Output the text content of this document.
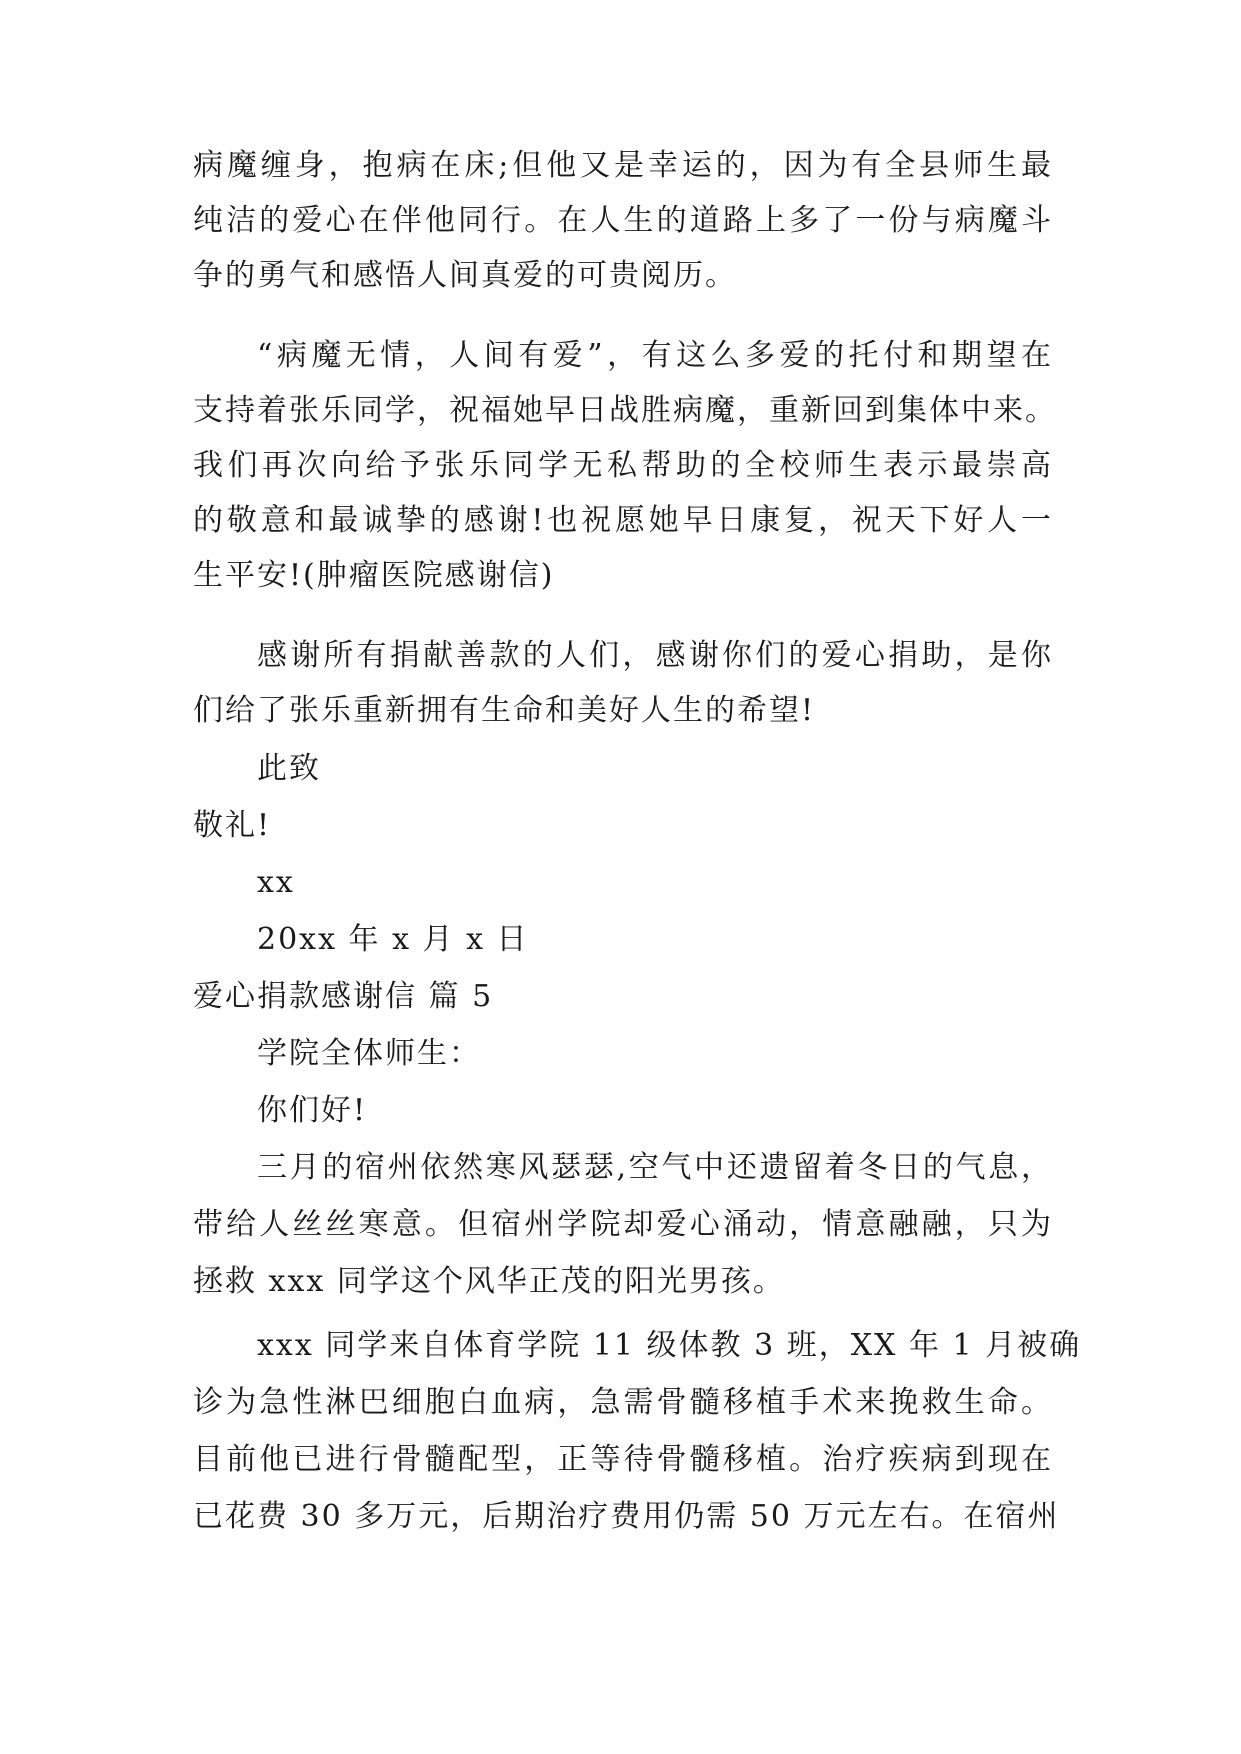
病魔缠身，抱病在床;但他又是幸运的，因为有全县师生最
纯洁的爱心在伴他同行。在人生的道路上多了一份与病魔斗
争的勇气和感悟人间真爱的可贵阅历。
“病魔无情，人间有爱”，有这么多爱的托付和期望在
支持着张乐同学，祝福她早日战胜病魔，重新回到集体中来。
我们再次向给予张乐同学无私帮助的全校师生表示最崇高
的敬意和最诚挚的感谢!也祝愿她早日康复，祝天下好人一
生平安!(肿瘤医院感谢信)
感谢所有捐献善款的人们，感谢你们的爱心捐助，是你
们给了张乐重新拥有生命和美好人生的希望!
此致
敬礼!
xx
20xx 年 x 月 x 日
爱心捐款感谢信 篇 5
学院全体师生：
你们好!
三月的宿州依然寒风瑟瑟,空气中还遗留着冬日的气息，
带给人丝丝寒意。但宿州学院却爱心涌动，情意融融，只为
拯救 xxx 同学这个风华正茂的阳光男孩。
xxx 同学来自体育学院 11 级体教 3 班，XX 年 1 月被确
诊为急性淋巴细胞白血病，急需骨髓移植手术来挽救生命。
目前他已进行骨髓配型，正等待骨髓移植。治疗疾病到现在
已花费 30 多万元，后期治疗费用仍需 50 万元左右。在宿州
